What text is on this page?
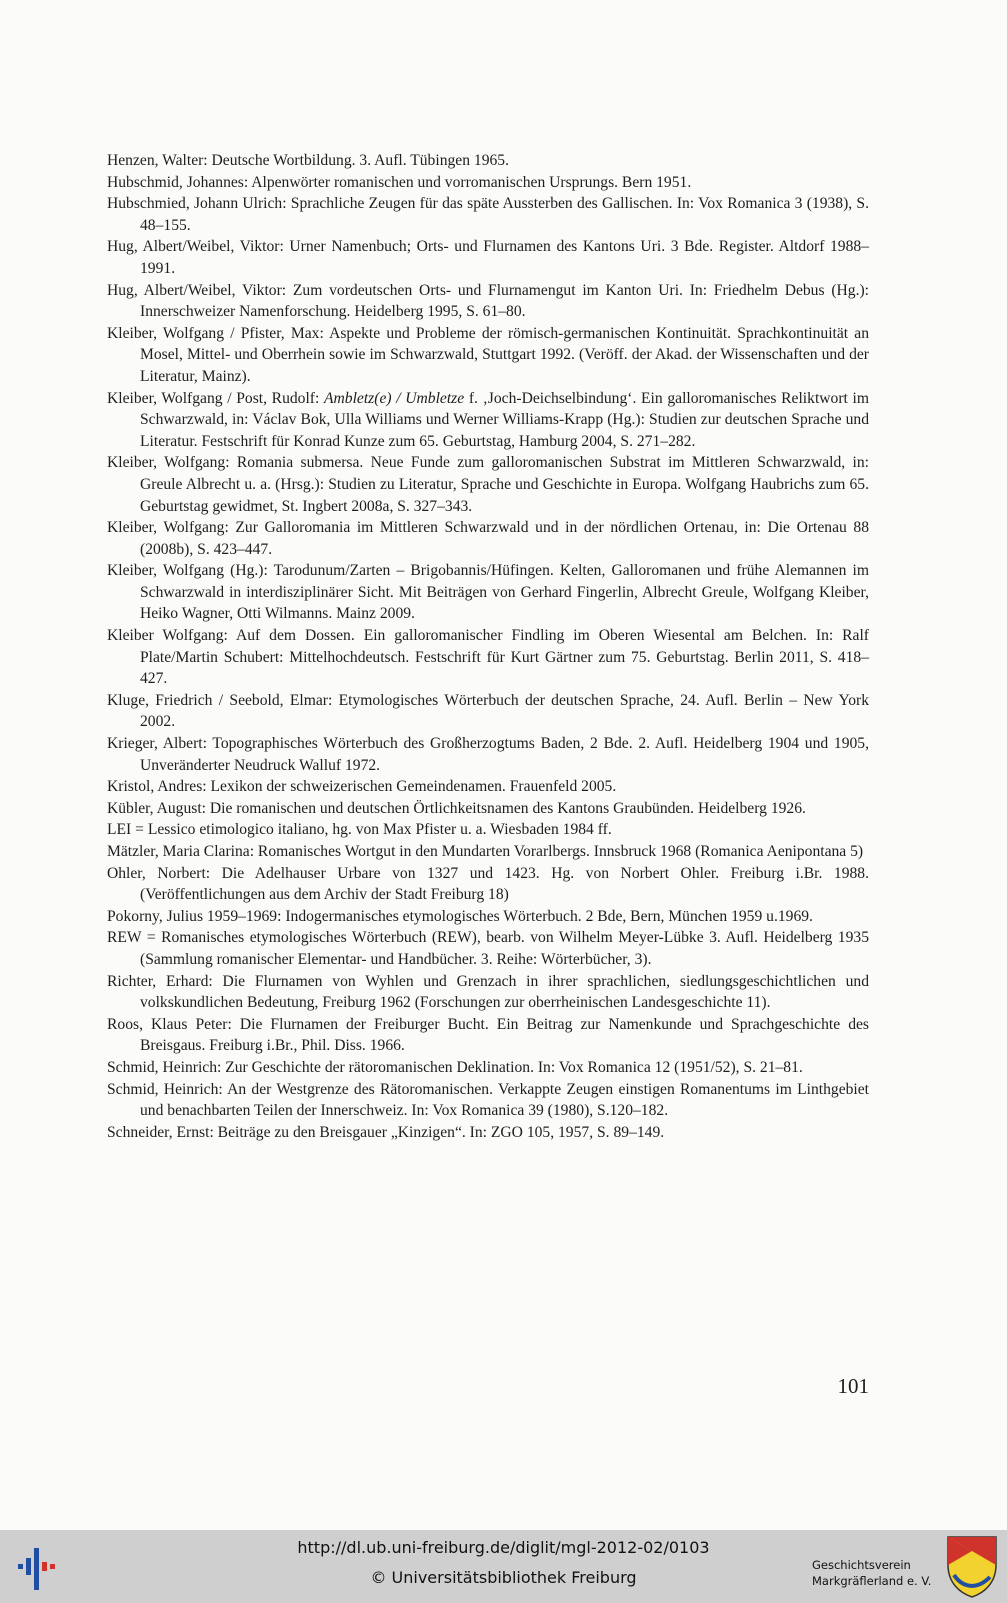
Henzen, Walter: Deutsche Wortbildung. 3. Aufl. Tübingen 1965.
Hubschmid, Johannes: Alpenwörter romanischen und vorromanischen Ursprungs. Bern 1951.
Hubschmied, Johann Ulrich: Sprachliche Zeugen für das späte Aussterben des Gallischen. In: Vox Romanica 3 (1938), S. 48–155.
Hug, Albert/Weibel, Viktor: Urner Namenbuch; Orts- und Flurnamen des Kantons Uri. 3 Bde. Register. Altdorf 1988–1991.
Hug, Albert/Weibel, Viktor: Zum vordeutschen Orts- und Flurnamengut im Kanton Uri. In: Friedhelm Debus (Hg.): Innerschweizer Namenforschung. Heidelberg 1995, S. 61–80.
Kleiber, Wolfgang / Pfister, Max: Aspekte und Probleme der römisch-germanischen Kontinuität. Sprachkontinuität an Mosel, Mittel- und Oberrhein sowie im Schwarzwald, Stuttgart 1992. (Veröff. der Akad. der Wissenschaften und der Literatur, Mainz).
Kleiber, Wolfgang / Post, Rudolf: Ambletz(e) / Umbletze f. ‚Joch-Deichselbindung‘. Ein galloromanisches Reliktwort im Schwarzwald, in: Václav Bok, Ulla Williams und Werner Williams-Krapp (Hg.): Studien zur deutschen Sprache und Literatur. Festschrift für Konrad Kunze zum 65. Geburtstag, Hamburg 2004, S. 271–282.
Kleiber, Wolfgang: Romania submersa. Neue Funde zum galloromanischen Substrat im Mittleren Schwarzwald, in: Greule Albrecht u. a. (Hrsg.): Studien zu Literatur, Sprache und Geschichte in Europa. Wolfgang Haubrichs zum 65. Geburtstag gewidmet, St. Ingbert 2008a, S. 327–343.
Kleiber, Wolfgang: Zur Galloromania im Mittleren Schwarzwald und in der nördlichen Ortenau, in: Die Ortenau 88 (2008b), S. 423–447.
Kleiber, Wolfgang (Hg.): Tarodunum/Zarten – Brigobannis/Hüfingen. Kelten, Galloromanen und frühe Alemannen im Schwarzwald in interdisziplinärer Sicht. Mit Beiträgen von Gerhard Fingerlin, Albrecht Greule, Wolfgang Kleiber, Heiko Wagner, Otti Wilmanns. Mainz 2009.
Kleiber Wolfgang: Auf dem Dossen. Ein galloromanischer Findling im Oberen Wiesental am Belchen. In: Ralf Plate/Martin Schubert: Mittelhochdeutsch. Festschrift für Kurt Gärtner zum 75. Geburtstag. Berlin 2011, S. 418–427.
Kluge, Friedrich / Seebold, Elmar: Etymologisches Wörterbuch der deutschen Sprache, 24. Aufl. Berlin – New York 2002.
Krieger, Albert: Topographisches Wörterbuch des Großherzogtums Baden, 2 Bde. 2. Aufl. Heidelberg 1904 und 1905, Unveränderter Neudruck Walluf 1972.
Kristol, Andres: Lexikon der schweizerischen Gemeindenamen. Frauenfeld 2005.
Kübler, August: Die romanischen und deutschen Örtlichkeitsnamen des Kantons Graubünden. Heidelberg 1926.
LEI = Lessico etimologico italiano, hg. von Max Pfister u. a. Wiesbaden 1984 ff.
Mätzler, Maria Clarina: Romanisches Wortgut in den Mundarten Vorarlbergs. Innsbruck 1968 (Romanica Aenipontana 5)
Ohler, Norbert: Die Adelhauser Urbare von 1327 und 1423. Hg. von Norbert Ohler. Freiburg i.Br. 1988. (Veröffentlichungen aus dem Archiv der Stadt Freiburg 18)
Pokorny, Julius 1959–1969: Indogermanisches etymologisches Wörterbuch. 2 Bde, Bern, München 1959 u.1969.
REW = Romanisches etymologisches Wörterbuch (REW), bearb. von Wilhelm Meyer-Lübke 3. Aufl. Heidelberg 1935 (Sammlung romanischer Elementar- und Handbücher. 3. Reihe: Wörterbücher, 3).
Richter, Erhard: Die Flurnamen von Wyhlen und Grenzach in ihrer sprachlichen, siedlungsgeschichtlichen und volkskundlichen Bedeutung, Freiburg 1962 (Forschungen zur oberrheinischen Landesgeschichte 11).
Roos, Klaus Peter: Die Flurnamen der Freiburger Bucht. Ein Beitrag zur Namenkunde und Sprachgeschichte des Breisgaus. Freiburg i.Br., Phil. Diss. 1966.
Schmid, Heinrich: Zur Geschichte der rätoromanischen Deklination. In: Vox Romanica 12 (1951/52), S. 21–81.
Schmid, Heinrich: An der Westgrenze des Rätoromanischen. Verkappte Zeugen einstigen Romanentums im Linthgebiet und benachbarten Teilen der Innerschweiz. In: Vox Romanica 39 (1980), S.120–182.
Schneider, Ernst: Beiträge zu den Breisgauer „Kinzigen“. In: ZGO 105, 1957, S. 89–149.
101
http://dl.ub.uni-freiburg.de/diglit/mgl-2012-02/0103
© Universitätsbibliothek Freiburg
Geschichtsverein
Markgräflerland e. V.
